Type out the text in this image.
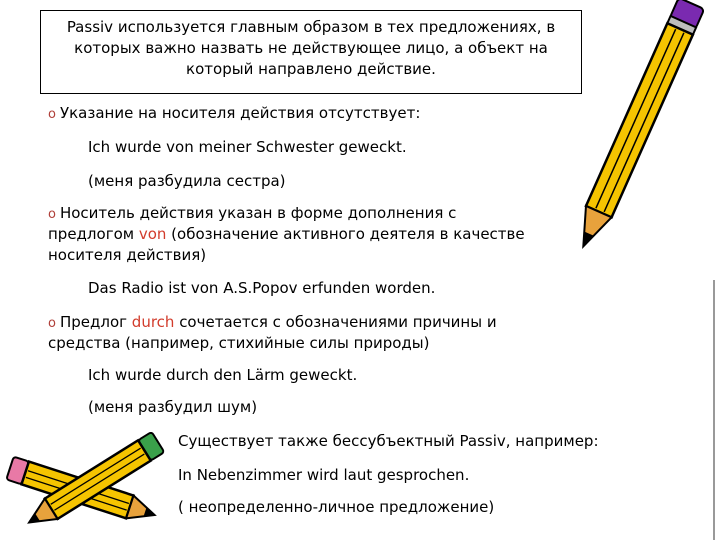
Passiv используется главным образом в тех предложениях, в
которых важно назвать не действующее лицо, а объект на
который направлено действие.
o Указание на носителя действия отсутствует:
Ich wurde von meiner Schwester geweckt.
(меня разбудила сестра)
o Носитель действия указан в форме дополнения с
предлогом von (обозначение активного деятеля в качестве
носителя действия)
Das Radio ist von A.S.Popov erfunden worden.
o Предлог durch сочетается с обозначениями причины и
средства (например, стихийные силы природы)
Ich wurde durch den Lärm geweckt.
(меня разбудил шум)
Существует также бессубъектный Passiv, например:
In Nebenzimmer wird laut gesprochen.
( неопределенно-личное предложение)
